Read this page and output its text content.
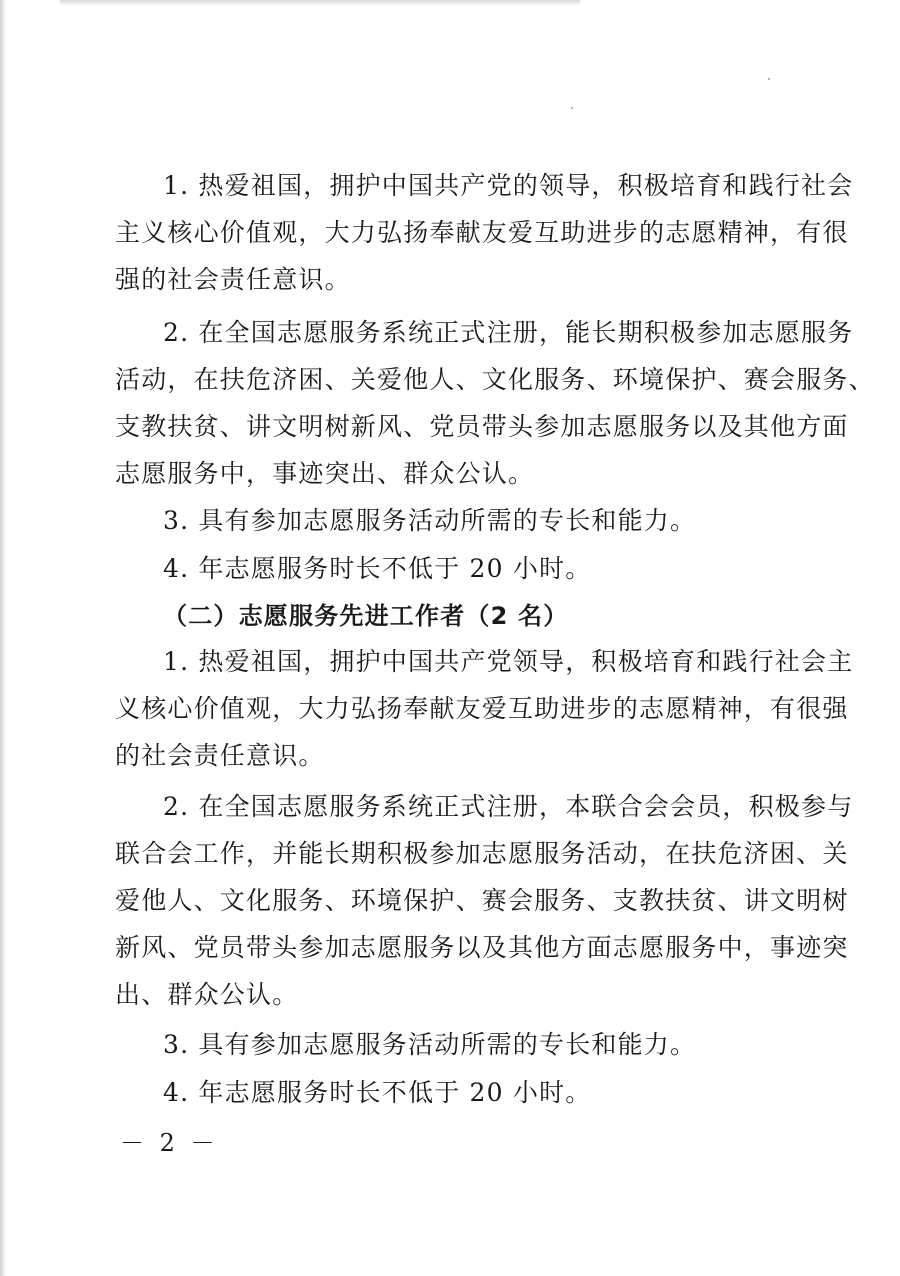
1. 热爱祖国，拥护中国共产党的领导，积极培育和践行社会

主义核心价值观，大力弘扬奉献友爱互助进步的志愿精神，有很

强的社会责任意识。

2. 在全国志愿服务系统正式注册，能长期积极参加志愿服务

活动，在扶危济困、关爱他人、文化服务、环境保护、赛会服务、

支教扶贫、讲文明树新风、党员带头参加志愿服务以及其他方面

志愿服务中，事迹突出、群众公认。

3. 具有参加志愿服务活动所需的专长和能力。

4. 年志愿服务时长不低于 20 小时。

（二）志愿服务先进工作者（2 名）

1. 热爱祖国，拥护中国共产党领导，积极培育和践行社会主

义核心价值观，大力弘扬奉献友爱互助进步的志愿精神，有很强

的社会责任意识。

2. 在全国志愿服务系统正式注册，本联合会会员，积极参与

联合会工作，并能长期积极参加志愿服务活动，在扶危济困、关

爱他人、文化服务、环境保护、赛会服务、支教扶贫、讲文明树

新风、党员带头参加志愿服务以及其他方面志愿服务中，事迹突

出、群众公认。

3. 具有参加志愿服务活动所需的专长和能力。

4. 年志愿服务时长不低于 20 小时。

－ 2 －
